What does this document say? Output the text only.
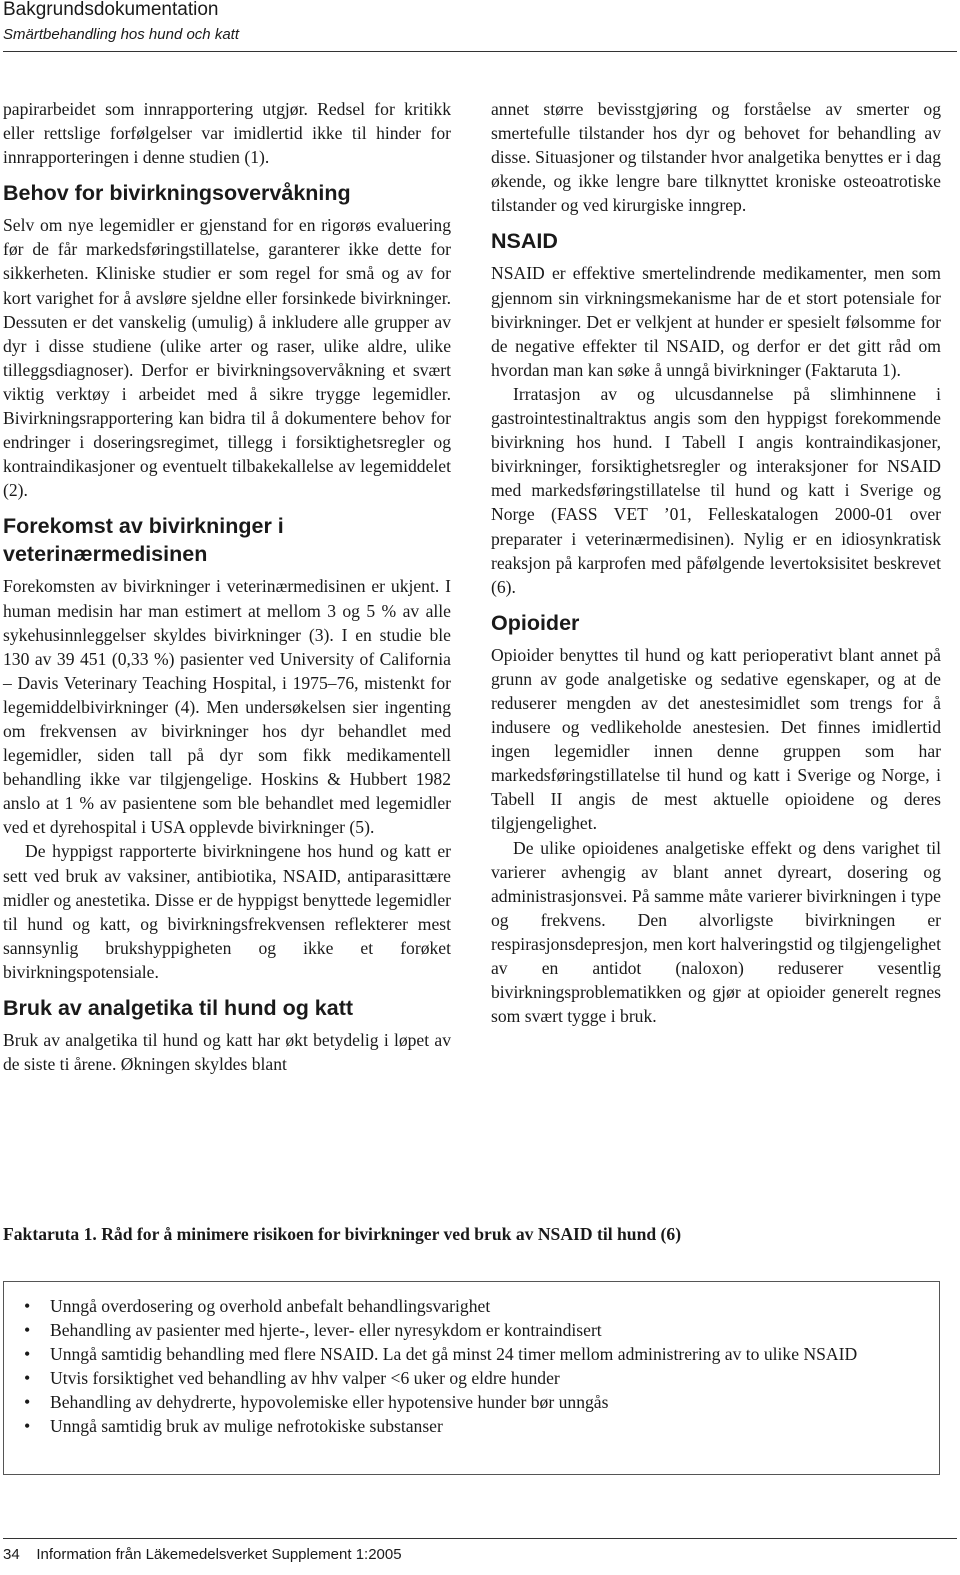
Bakgrundsdokumentation
Smärtbehandling hos hund och katt

papirarbeidet som innrapportering utgjør. Redsel for kritikk eller rettslige forfølgelser var imidlertid ikke til hinder for innrapporteringen i denne studien (1).

Behov for bivirkningsovervåkning

Selv om nye legemidler er gjenstand for en rigorøs evaluering før de får markedsføringstillatelse, garanterer ikke dette for sikkerheten. Kliniske studier er som regel for små og av for kort varighet for å avsløre sjeldne eller forsinkede bivirkninger. Dessuten er det vanskelig (umulig) å inkludere alle grupper av dyr i disse studiene (ulike arter og raser, ulike aldre, ulike tilleggsdiagnoser). Derfor er bivirkningsovervåkning et svært viktig verktøy i arbeidet med å sikre trygge legemidler. Bivirkningsrapportering kan bidra til å dokumentere behov for endringer i doseringsregimet, tillegg i forsiktighetsregler og kontraindikasjoner og eventuelt tilbakekallelse av legemiddelet (2).

Forekomst av bivirkninger i veterinærmedisinen

Forekomsten av bivirkninger i veterinærmedisinen er ukjent. I human medisin har man estimert at mellom 3 og 5 % av alle sykehusinnleggelser skyldes bivirkninger (3). I en studie ble 130 av 39 451 (0,33 %) pasienter ved University of California – Davis Veterinary Teaching Hospital, i 1975–76, mistenkt for legemiddelbivirkninger (4). Men undersøkelsen sier ingenting om frekvensen av bivirkninger hos dyr behandlet med legemidler, siden tall på dyr som fikk medikamentell behandling ikke var tilgjengelige. Hoskins & Hubbert 1982 anslo at 1 % av pasientene som ble behandlet med legemidler ved et dyrehospital i USA opplevde bivirkninger (5).

De hyppigst rapporterte bivirkningene hos hund og katt er sett ved bruk av vaksiner, antibiotika, NSAID, antiparasittære midler og anestetika. Disse er de hyppigst benyttede legemidler til hund og katt, og bivirkningsfrekvensen reflekterer mest sannsynlig brukshyppigheten og ikke et forøket bivirkningspotensiale.

Bruk av analgetika til hund og katt

Bruk av analgetika til hund og katt har økt betydelig i løpet av de siste ti årene. Økningen skyldes blant

annet større bevisstgjøring og forståelse av smerter og smertefulle tilstander hos dyr og behovet for behandling av disse. Situasjoner og tilstander hvor analgetika benyttes er i dag økende, og ikke lengre bare tilknyttet kroniske osteoatrotiske tilstander og ved kirurgiske inngrep.

NSAID

NSAID er effektive smertelindrende medikamenter, men som gjennom sin virkningsmekanisme har de et stort potensiale for bivirkninger. Det er velkjent at hunder er spesielt følsomme for de negative effekter til NSAID, og derfor er det gitt råd om hvordan man kan søke å unngå bivirkninger (Faktaruta 1).

Irratasjon av og ulcusdannelse på slimhinnene i gastrointestinaltraktus angis som den hyppigst forekommende bivirkning hos hund. I Tabell I angis kontraindikasjoner, bivirkninger, forsiktighetsregler og interaksjoner for NSAID med markedsføringstillatelse til hund og katt i Sverige og Norge (FASS VET ’01, Felleskatalogen 2000-01 over preparater i veterinærmedisinen). Nylig er en idiosynkratisk reaksjon på karprofen med påfølgende levertoksisitet beskrevet (6).

Opioider

Opioider benyttes til hund og katt perioperativt blant annet på grunn av gode analgetiske og sedative egenskaper, og at de reduserer mengden av det anestesimidlet som trengs for å indusere og vedlikeholde anestesien. Det finnes imidlertid ingen legemidler innen denne gruppen som har markedsføringstillatelse til hund og katt i Sverige og Norge, i Tabell II angis de mest aktuelle opioidene og deres tilgjengelighet.

De ulike opioidenes analgetiske effekt og dens varighet til varierer avhengig av blant annet dyreart, dosering og administrasjonsvei. På samme måte varierer bivirkningen i type og frekvens. Den alvorligste bivirkningen er respirasjonsdepresjon, men kort halveringstid og tilgjengelighet av en antidot (naloxon) reduserer vesentlig bivirkningsproblematikken og gjør at opioider generelt regnes som svært tygge i bruk.

Faktaruta 1. Råd for å minimere risikoen for bivirkninger ved bruk av NSAID til hund (6)
•	Unngå overdosering og overhold anbefalt behandlingsvarighet
•	Behandling av pasienter med hjerte-, lever- eller nyresykdom er kontraindisert
•	Unngå samtidig behandling med flere NSAID. La det gå minst 24 timer mellom administrering av to ulike NSAID
•	Utvis forsiktighet ved behandling av hhv valper <6 uker og eldre hunder
•	Behandling av dehydrerte, hypovolemiske eller hypotensive hunder bør unngås
•	Unngå samtidig bruk av mulige nefrotokiske substanser
34 Information från Läkemedelsverket Supplement 1:2005
